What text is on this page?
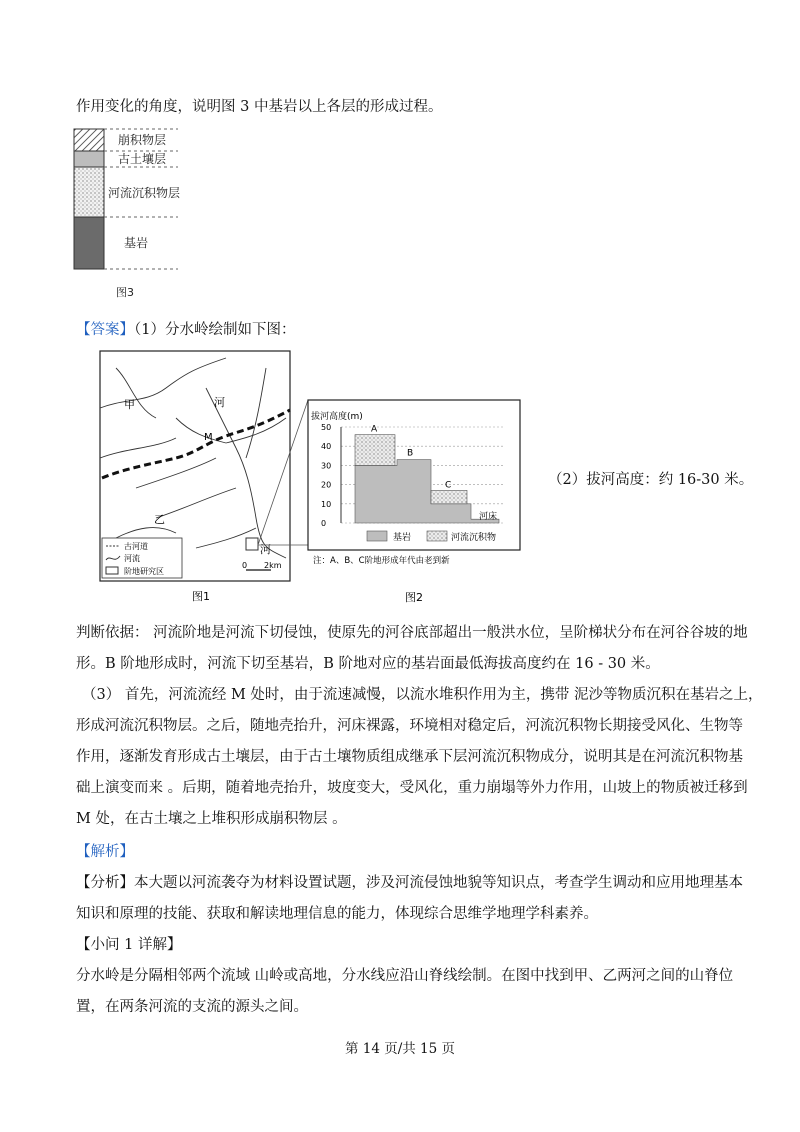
作用变化的角度，说明图 3 中基岩以上各层的形成过程。
崩积物层
古土壤层
河流沉积物层
基岩
图3
【答案】（1）分水岭绘制如下图：
甲	河
M
乙
河
古河道
河流
阶地研究区
0 2km
图1
拔河高度(m)
0
10
20
30
40
50	A
B
C
河床
基岩	河流沉积物
注：A、B、C阶地形成年代由老到新
图2
（2）拔河高度：约 16-30 米。
判断依据： 河流阶地是河流下切侵蚀，使原先的河谷底部超出一般洪水位，呈阶梯状分布在河谷谷坡的地
形。B 阶地形成时，河流下切至基岩，B 阶地对应的基岩面最低海拔高度约在 16 - 30 米。
（3） 首先，河流流经 M 处时，由于流速减慢，以流水堆积作用为主，携带 泥沙等物质沉积在基岩之上，
形成河流沉积物层。之后，随地壳抬升，河床裸露，环境相对稳定后，河流沉积物长期接受风化、生物等
作用，逐渐发育形成古土壤层，由于古土壤物质组成继承下层河流沉积物成分，说明其是在河流沉积物基
础上演变而来 。后期，随着地壳抬升，坡度变大，受风化，重力崩塌等外力作用，山坡上的物质被迁移到
M 处，在古土壤之上堆积形成崩积物层 。
【解析】
【分析】本大题以河流袭夺为材料设置试题，涉及河流侵蚀地貌等知识点，考查学生调动和应用地理基本
知识和原理的技能、获取和解读地理信息的能力，体现综合思维学地理学科素养。
【小问 1 详解】
分水岭是分隔相邻两个流域 山岭或高地，分水线应沿山脊线绘制。在图中找到甲、乙两河之间的山脊位
置，在两条河流的支流的源头之间。
第 14 页/共 15 页
